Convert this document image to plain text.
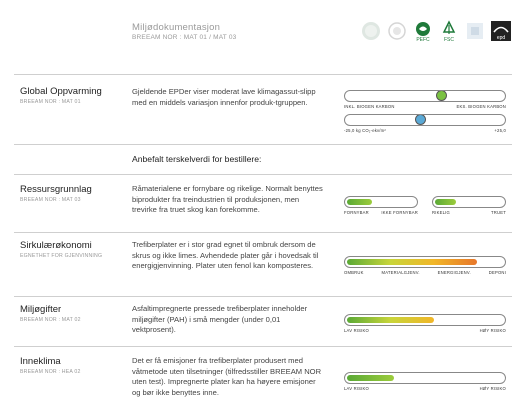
Miljødokumentasjon
BREEAM NOR : MAT 01 / MAT 03	PEFC	FSC	epd
Global Oppvarming
BREEAM NOR : MAT 01
Gjeldende EPDer viser moderat lave klimagassut-slipp med en middels variasjon innenfor produk-tgruppen.	INKL. BIOGEN KARBON	EKS. BIOGEN KARBON
-25,0 kg CO₂-ekv/m²	+25,0
Anbefalt terskelverdi for bestillere:
Ressursgrunnlag
BREEAM NOR : MAT 03
Råmaterialene er fornybare og rikelige. Normalt benyttes biprodukter fra treindustrien til produksjonen, men trevirke fra truet skog kan forekomme.	FORNYBAR	IKKE FORNYBAR	RIKELIG	TRUET
Sirkulærøkonomi
EGNETHET FOR GJENVINNING
Trefiberplater er i stor grad egnet til ombruk dersom de skrus og ikke limes. Avhendede plater går i hovedsak til energigjenvinning. Plater uten fenol kan komposteres.
OMBRUK	MATERIALGJENV.	ENERGIGJENV.	DEPONI
Miljøgifter
BREEAM NOR : MAT 02
Asfaltimpregnerte pressede trefiberplater inneholder miljøgifter (PAH) i små mengder (under 0,01 vektprosent).	LAV RISIKO	HØY RISIKO
Inneklima
BREEAM NOR : HEA 02
Det er få emisjoner fra trefiberplater produsert med våtmetode uten tilsetninger (tilfredsstiller BREEAM NOR uten test). Impregnerte plater kan ha høyere emisjoner og bør ikke benyttes inne.	LAV RISIKO	HØY RISIKO
